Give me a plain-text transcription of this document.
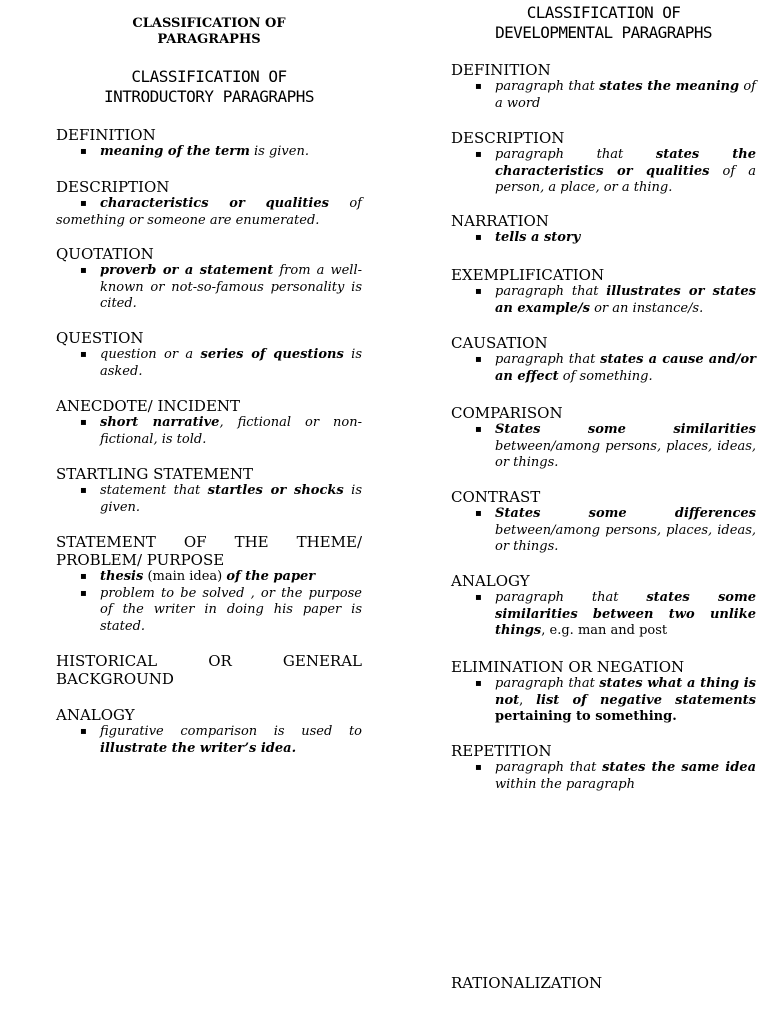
CLASSIFICATION OF
PARAGRAPHS
CLASSIFICATION OF
INTRODUCTORY PARAGRAPHS
DEFINITION
▪ meaning of the term is given.
DESCRIPTION
▪ characteristics or qualities of something or someone are enumerated.
QUOTATION
▪ proverb or a statement from a well-known or not-so-famous personality is cited.
QUESTION
▪ question or a series of questions is asked.
ANECDOTE/ INCIDENT
▪ short narrative, fictional or non-fictional, is told.
STARTLING STATEMENT
▪ statement that startles or shocks is given.
STATEMENT OF THE THEME/
PROBLEM/ PURPOSE
▪ thesis (main idea) of the paper
▪ problem to be solved , or the purpose of the writer in doing his paper is stated.
HISTORICAL OR GENERAL
BACKGROUND
ANALOGY
▪ figurative comparison is used to illustrate the writer’s idea.
CLASSIFICATION OF
DEVELOPMENTAL PARAGRAPHS
DEFINITION
▪ paragraph that states the meaning of a word
DESCRIPTION
▪ paragraph that states the characteristics or qualities of a person, a place, or a thing.
NARRATION
▪ tells a story
EXEMPLIFICATION
▪ paragraph that illustrates or states an example/s or an instance/s.
CAUSATION
▪ paragraph that states a cause and/or an effect of something.
COMPARISON
▪ States some similarities between/among persons, places, ideas, or things.
CONTRAST
▪ States some differences between/among persons, places, ideas, or things.
ANALOGY
▪ paragraph that states some similarities between two unlike things, e.g. man and post
ELIMINATION OR NEGATION
▪ paragraph that states what a thing is not, list of negative statements pertaining to something.
REPETITION
▪ paragraph that states the same idea within the paragraph
RATIONALIZATION
